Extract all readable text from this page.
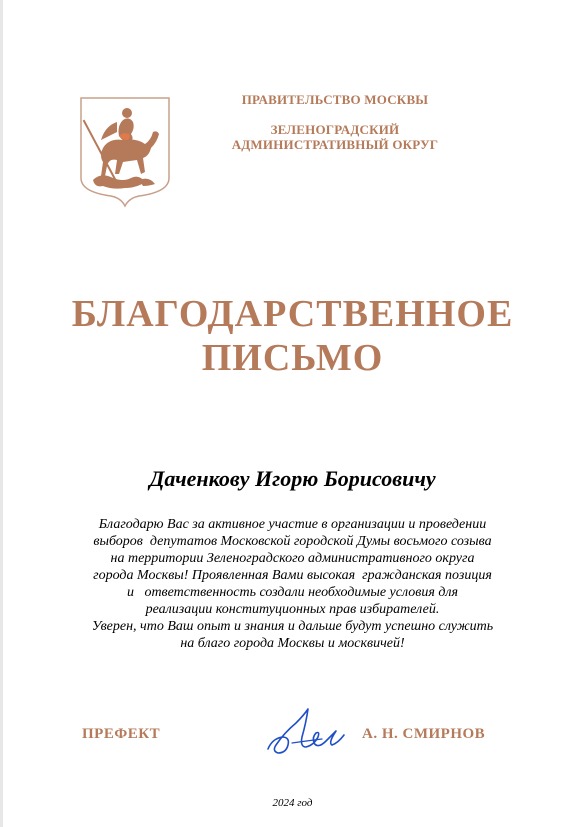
ПРАВИТЕЛЬСТВО МОСКВЫ
ЗЕЛЕНОГРАДСКИЙ
АДМИНИСТРАТИВНЫЙ ОКРУГ
БЛАГОДАРСТВЕННОЕ
ПИСЬМО
Даченкову Игорю Борисовичу
Благодарю Вас за активное участие в организации и проведении
выборов  депутатов Московской городской Думы восьмого созыва
на территории Зеленоградского административного округа
города Москвы! Проявленная Вами высокая  гражданская позиция
и   ответственность создали необходимые условия для
реализации конституционных прав избирателей.
Уверен, что Ваш опыт и знания и дальше будут успешно служить
на благо города Москвы и москвичей!
ПРЕФЕКТ	А. Н. СМИРНОВ
2024 год
